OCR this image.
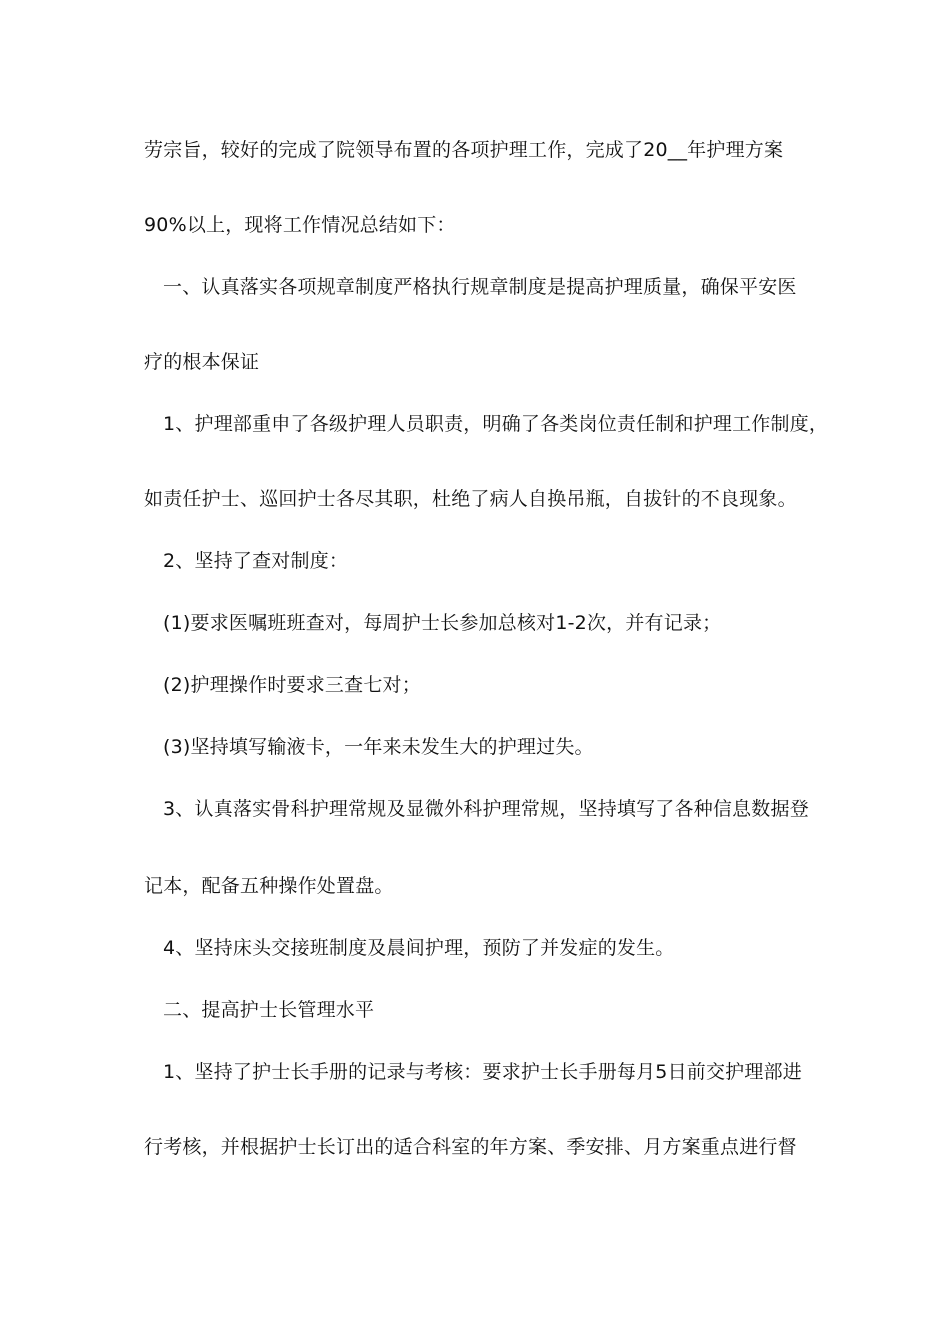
劳宗旨，较好的完成了院领导布置的各项护理工作，完成了20__年护理方案
90%以上，现将工作情况总结如下：
一、认真落实各项规章制度严格执行规章制度是提高护理质量，确保平安医
疗的根本保证
1、护理部重申了各级护理人员职责，明确了各类岗位责任制和护理工作制度，
如责任护士、巡回护士各尽其职，杜绝了病人自换吊瓶，自拔针的不良现象。
2、坚持了查对制度：
(1)要求医嘱班班查对，每周护士长参加总核对1-2次，并有记录；
(2)护理操作时要求三查七对；
(3)坚持填写输液卡，一年来未发生大的护理过失。
3、认真落实骨科护理常规及显微外科护理常规，坚持填写了各种信息数据登
记本，配备五种操作处置盘。
4、坚持床头交接班制度及晨间护理，预防了并发症的发生。
二、提高护士长管理水平
1、坚持了护士长手册的记录与考核：要求护士长手册每月5日前交护理部进
行考核，并根据护士长订出的适合科室的年方案、季安排、月方案重点进行督
